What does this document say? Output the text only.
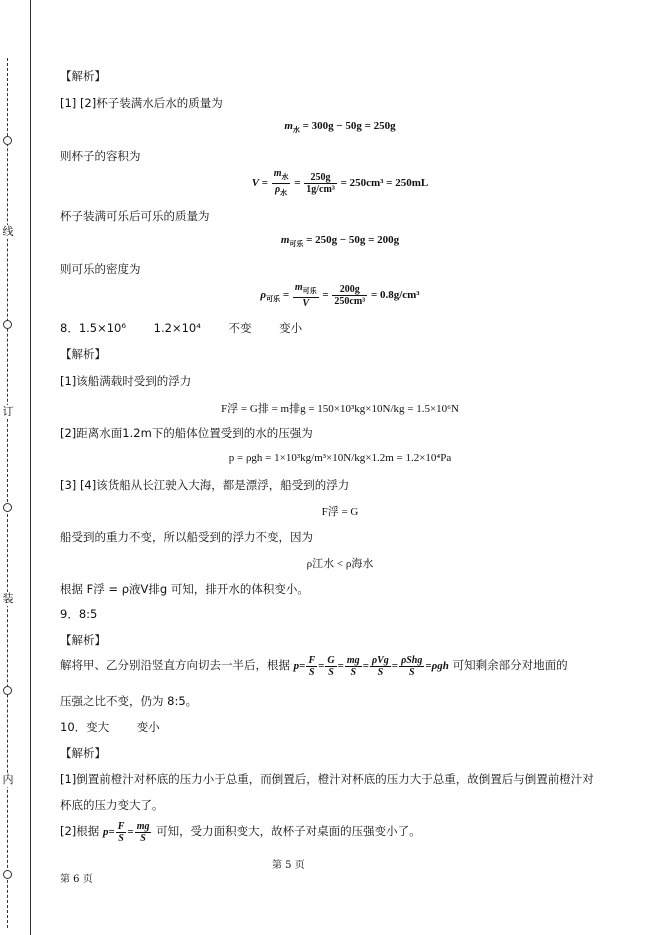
线
订
装
内
【解析】
[1] [2]杯子装满水后水的质量为
$m_水 = 300g - 50g = 250g$
则杯子的容积为
$V = \frac{m_水}{\rho_水} = \frac{250g}{\text{1g/cm³}} = 250cm^3 = 250mL$
杯子装满可乐后可乐的质量为
$m_{可乐} = 250g - 50g = 200g$
则可乐的密度为
$\rho_{可乐} = \frac{m_{可乐}}{V} = \frac{200g}{\text{250cm³}} = 0.8g/cm^3$
8．1.5×10⁶ 1.2×10⁴ 不变 变小
【解析】
[1]该船满载时受到的浮力
F浮 = G排 = m排g = 150×10³kg×10N/kg = 1.5×10⁶N
[2]距离水面1.2m下的船体位置受到的水的压强为
p = ρgh = 1×10³kg/m³×10N/kg×1.2m = 1.2×10⁴Pa
[3] [4]该货船从长江驶入大海，都是漂浮，船受到的浮力
F浮 = G
船受到的重力不变，所以船受到的浮力不变，因为
ρ江水 < ρ海水
根据 F浮 = ρ液V排g 可知，排开水的体积变小。
9．8:5
【解析】
解将甲、乙分别沿竖直方向切去一半后，根据 $p= \frac{F}{S} = \frac{G}{S} = \frac{mg}{S} = \frac{\text{ρVg}}{S} = \frac{\text{ρShg}}{S} =\rho gh$ 可知剩余部分对地面的
压强之比不变，仍为 8:5。
10．变大 变小
【解析】
[1]倒置前橙汁对杯底的压力小于总重，而倒置后，橙汁对杯底的压力大于总重，故倒置后与倒置前橙汁对
杯底的压力变大了。
[2]根据 $p= \frac{F}{S} = \frac{mg}{S}$ 可知，受力面积变大，故杯子对桌面的压强变小了。
第 5 页
第 6 页
